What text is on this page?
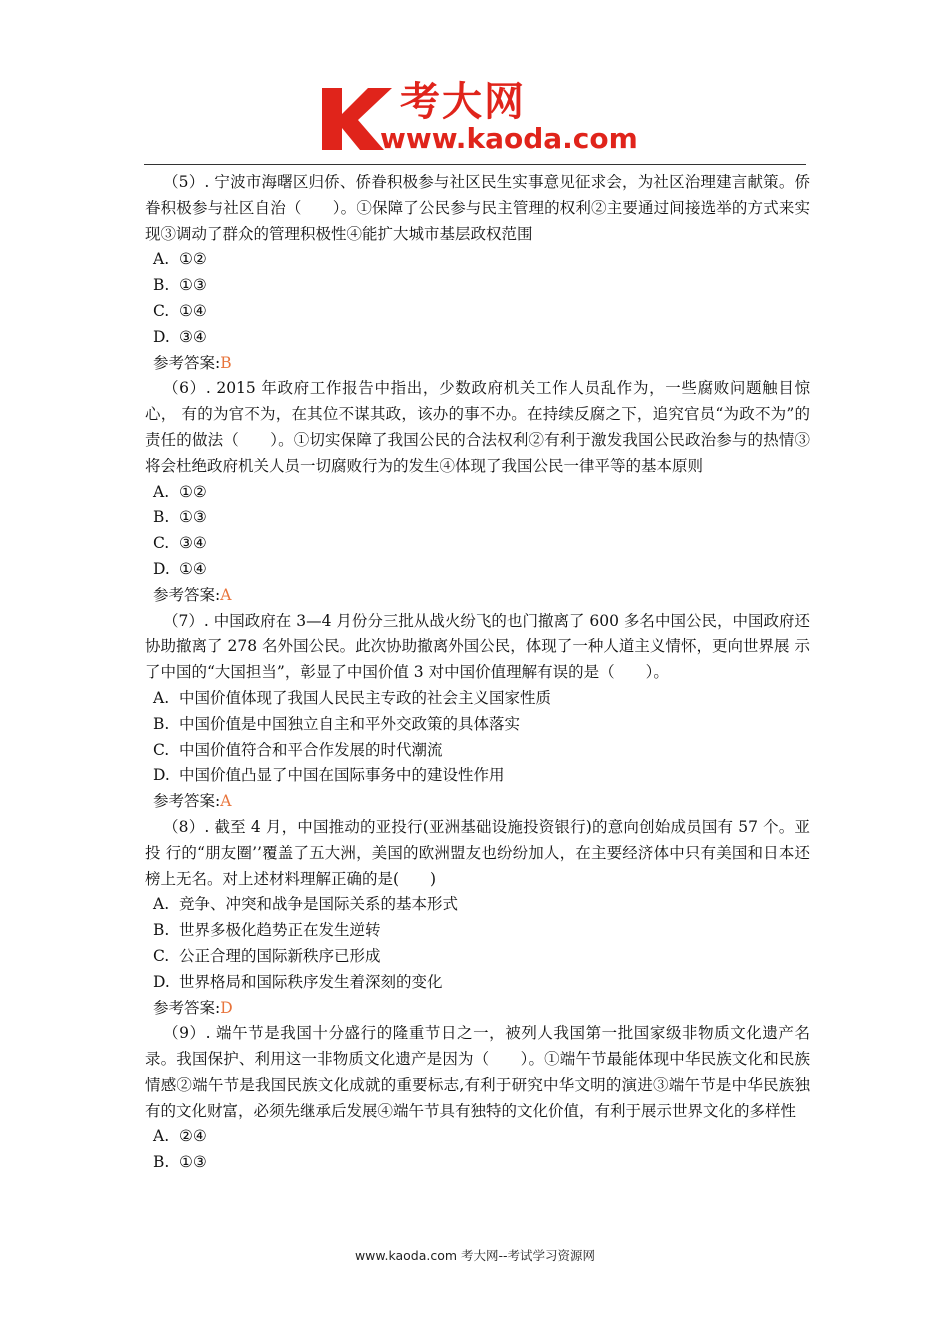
考大网
www.kaoda.com

（5）. 宁波市海曙区归侨、侨眷积极参与社区民生实事意见征求会，为社区治理建言献策。侨眷积极参与社区自治（　　）。①保障了公民参与民主管理的权利②主要通过间接选举的方式来实现③调动了群众的管理积极性④能扩大城市基层政权范围

A. ①②

B. ①③

C. ①④

D. ③④

参考答案:B

（6）. 2015 年政府工作报告中指出，少数政府机关工作人员乱作为，一些腐败问题触目惊心， 有的为官不为，在其位不谋其政，该办的事不办。在持续反腐之下，追究官员“为政不为”的责任的做法（　　）。①切实保障了我国公民的合法权利②有利于激发我国公民政治参与的热情③将会杜绝政府机关人员一切腐败行为的发生④体现了我国公民一律平等的基本原则

A. ①②

B. ①③

C. ③④

D. ①④

参考答案:A

（7）. 中国政府在 3—4 月份分三批从战火纷飞的也门撤离了 600 多名中国公民，中国政府还 协助撤离了 278 名外国公民。此次协助撤离外国公民，体现了一种人道主义情怀，更向世界展 示了中国的“大国担当”，彰显了中国价值 3 对中国价值理解有误的是（　　）。

A. 中国价值体现了我国人民民主专政的社会主义国家性质

B. 中国价值是中国独立自主和平外交政策的具体落实

C. 中国价值符合和平合作发展的时代潮流

D. 中国价值凸显了中国在国际事务中的建设性作用

参考答案:A

（8）. 截至 4 月，中国推动的亚投行(亚洲基础设施投资银行)的意向创始成员国有 57 个。亚投 行的“朋友圈’’覆盖了五大洲，美国的欧洲盟友也纷纷加人，在主要经济体中只有美国和日本还榜上无名。对上述材料理解正确的是(　　)

A. 竞争、冲突和战争是国际关系的基本形式

B. 世界多极化趋势正在发生逆转

C. 公正合理的国际新秩序已形成

D. 世界格局和国际秩序发生着深刻的变化

参考答案:D

（9）. 端午节是我国十分盛行的隆重节日之一，被列人我国第一批国家级非物质文化遗产名 录。我国保护、利用这一非物质文化遗产是因为（　　）。①端午节最能体现中华民族文化和民族情感②端午节是我国民族文化成就的重要标志,有利于研究中华文明的演进③端午节是中华民族独有的文化财富，必须先继承后发展④端午节具有独特的文化价值，有利于展示世界文化的多样性

A. ②④

B. ①③

www.kaoda.com 考大网--考试学习资源网
